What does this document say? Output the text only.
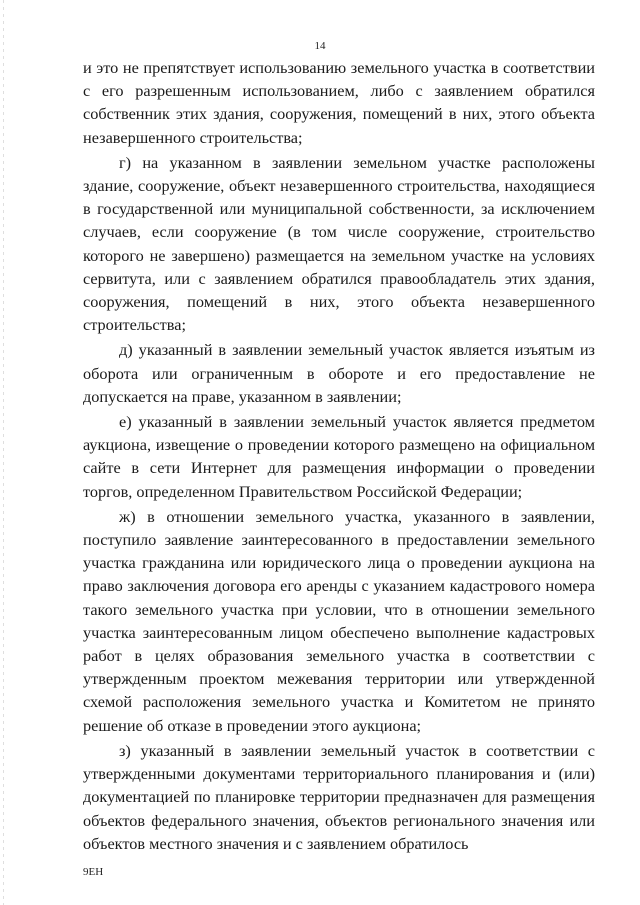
14

и это не препятствует использованию земельного участка в соответствии с его разрешенным использованием, либо с заявлением обратился собственник этих здания, сооружения, помещений в них, этого объекта незавершенного строительства;

г) на указанном в заявлении земельном участке расположены здание, сооружение, объект незавершенного строительства, находящиеся в государственной или муниципальной собственности, за исключением случаев, если сооружение (в том числе сооружение, строительство которого не завершено) размещается на земельном участке на условиях сервитута, или с заявлением обратился правообладатель этих здания, сооружения, помещений в них, этого объекта незавершенного строительства;

д) указанный в заявлении земельный участок является изъятым из оборота или ограниченным в обороте и его предоставление не допускается на праве, указанном в заявлении;

е) указанный в заявлении земельный участок является предметом аукциона, извещение о проведении которого размещено на официальном сайте в сети Интернет для размещения информации о проведении торгов, определенном Правительством Российской Федерации;

ж) в отношении земельного участка, указанного в заявлении, поступило заявление заинтересованного в предоставлении земельного участка гражданина или юридического лица о проведении аукциона на право заключения договора его аренды с указанием кадастрового номера такого земельного участка при условии, что в отношении земельного участка заинтересованным лицом обеспечено выполнение кадастровых работ в целях образования земельного участка в соответствии с утвержденным проектом межевания территории или утвержденной схемой расположения земельного участка и Комитетом не принято решение об отказе в проведении этого аукциона;

з) указанный в заявлении земельный участок в соответствии с утвержденными документами территориального планирования и (или) документацией по планировке территории предназначен для размещения объектов федерального значения, объектов регионального значения или объектов местного значения и с заявлением обратилось

9ЕН
